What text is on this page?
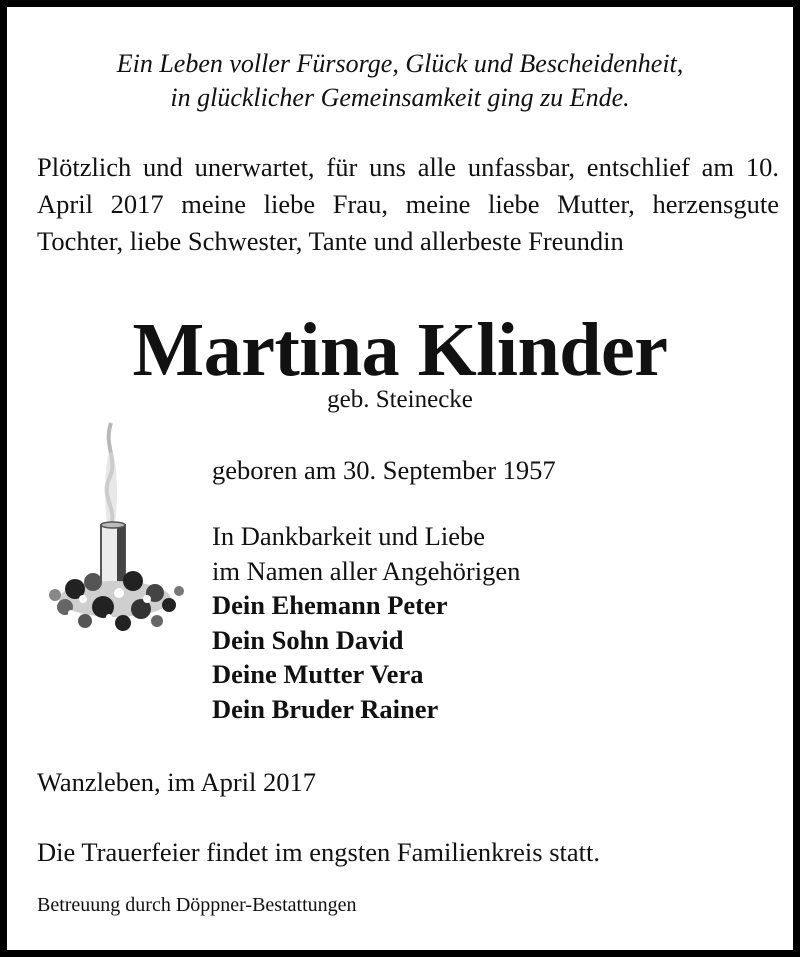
Ein Leben voller Fürsorge, Glück und Bescheidenheit,
in glücklicher Gemeinsamkeit ging zu Ende.
Plötzlich und unerwartet, für uns alle unfassbar, entschlief am 10. April 2017 meine liebe Frau, meine liebe Mutter, herzensgute Tochter, liebe Schwester, Tante und allerbeste Freundin
Martina Klinder
geb. Steinecke
geboren am 30. September 1957
In Dankbarkeit und Liebe
im Namen aller Angehörigen
Dein Ehemann Peter
Dein Sohn David
Deine Mutter Vera
Dein Bruder Rainer
Wanzleben, im April 2017
Die Trauerfeier findet im engsten Familienkreis statt.
Betreuung durch Döppner-Bestattungen
